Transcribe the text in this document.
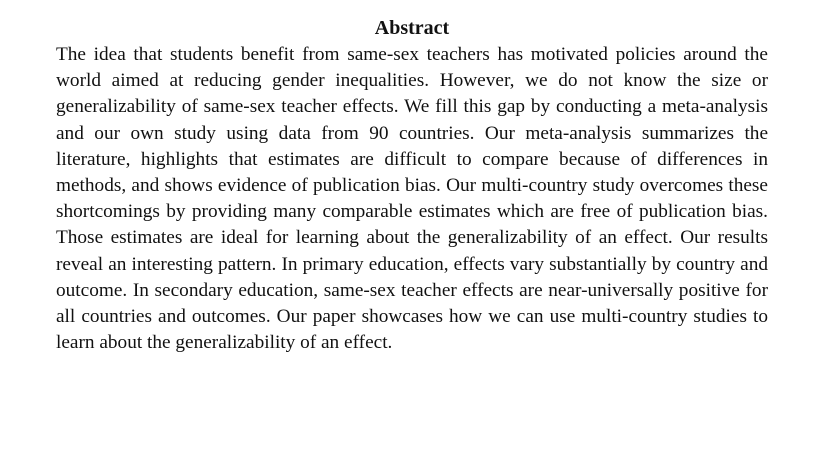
Abstract

The idea that students benefit from same-sex teachers has motivated policies around the world aimed at reducing gender inequalities. However, we do not know the size or generalizability of same-sex teacher effects. We fill this gap by conducting a meta-analysis and our own study using data from 90 countries. Our meta-analysis summarizes the literature, highlights that estimates are difficult to compare because of differences in methods, and shows evidence of publication bias. Our multi-country study overcomes these shortcomings by providing many comparable estimates which are free of publication bias. Those estimates are ideal for learning about the generalizability of an effect. Our results reveal an interesting pattern. In primary education, effects vary substantially by country and outcome. In secondary education, same-sex teacher effects are near-universally positive for all countries and outcomes. Our paper showcases how we can use multi-country studies to learn about the generalizability of an effect.
